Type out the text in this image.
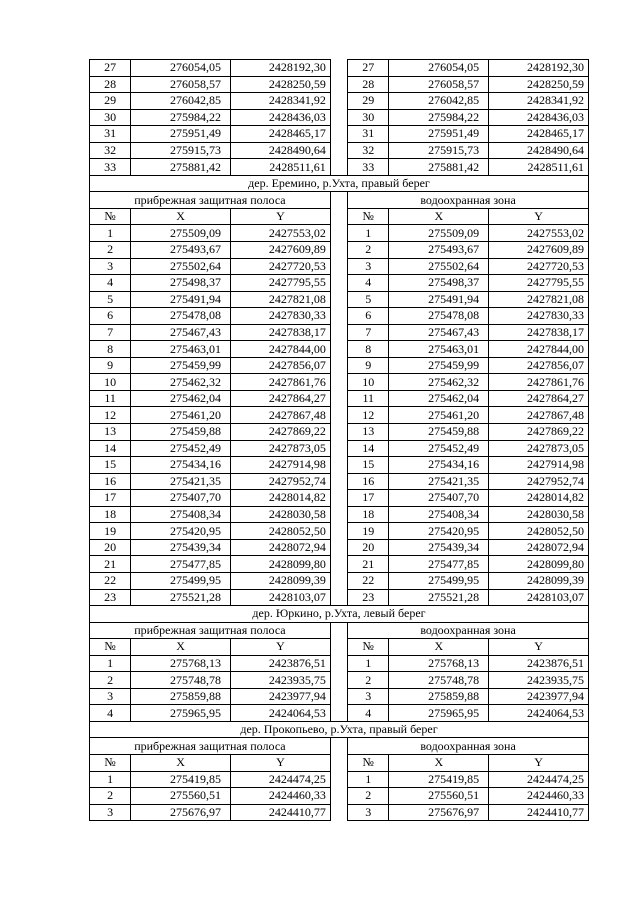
27	276054,05	2428192,30		27	276054,05	2428192,30
28	276058,57	2428250,59		28	276058,57	2428250,59
29	276042,85	2428341,92		29	276042,85	2428341,92
30	275984,22	2428436,03		30	275984,22	2428436,03
31	275951,49	2428465,17		31	275951,49	2428465,17
32	275915,73	2428490,64		32	275915,73	2428490,64
33	275881,42	2428511,61		33	275881,42	2428511,61
дер. Еремино, р.Ухта, правый берег						
прибрежная защитная полоса				водоохранная зона		
№	X	Y		№	X	Y
1	275509,09	2427553,02		1	275509,09	2427553,02
2	275493,67	2427609,89		2	275493,67	2427609,89
3	275502,64	2427720,53		3	275502,64	2427720,53
4	275498,37	2427795,55		4	275498,37	2427795,55
5	275491,94	2427821,08		5	275491,94	2427821,08
6	275478,08	2427830,33		6	275478,08	2427830,33
7	275467,43	2427838,17		7	275467,43	2427838,17
8	275463,01	2427844,00		8	275463,01	2427844,00
9	275459,99	2427856,07		9	275459,99	2427856,07
10	275462,32	2427861,76		10	275462,32	2427861,76
11	275462,04	2427864,27		11	275462,04	2427864,27
12	275461,20	2427867,48		12	275461,20	2427867,48
13	275459,88	2427869,22		13	275459,88	2427869,22
14	275452,49	2427873,05		14	275452,49	2427873,05
15	275434,16	2427914,98		15	275434,16	2427914,98
16	275421,35	2427952,74		16	275421,35	2427952,74
17	275407,70	2428014,82		17	275407,70	2428014,82
18	275408,34	2428030,58		18	275408,34	2428030,58
19	275420,95	2428052,50		19	275420,95	2428052,50
20	275439,34	2428072,94		20	275439,34	2428072,94
21	275477,85	2428099,80		21	275477,85	2428099,80
22	275499,95	2428099,39		22	275499,95	2428099,39
23	275521,28	2428103,07		23	275521,28	2428103,07
дер. Юркино, р.Ухта, левый берег						
прибрежная защитная полоса				водоохранная зона		
№	X	Y		№	X	Y
1	275768,13	2423876,51		1	275768,13	2423876,51
2	275748,78	2423935,75		2	275748,78	2423935,75
3	275859,88	2423977,94		3	275859,88	2423977,94
4	275965,95	2424064,53		4	275965,95	2424064,53
дер. Прокопьево, р.Ухта, правый берег						
прибрежная защитная полоса				водоохранная зона		
№	X	Y		№	X	Y
1	275419,85	2424474,25		1	275419,85	2424474,25
2	275560,51	2424460,33		2	275560,51	2424460,33
3	275676,97	2424410,77		3	275676,97	2424410,77
